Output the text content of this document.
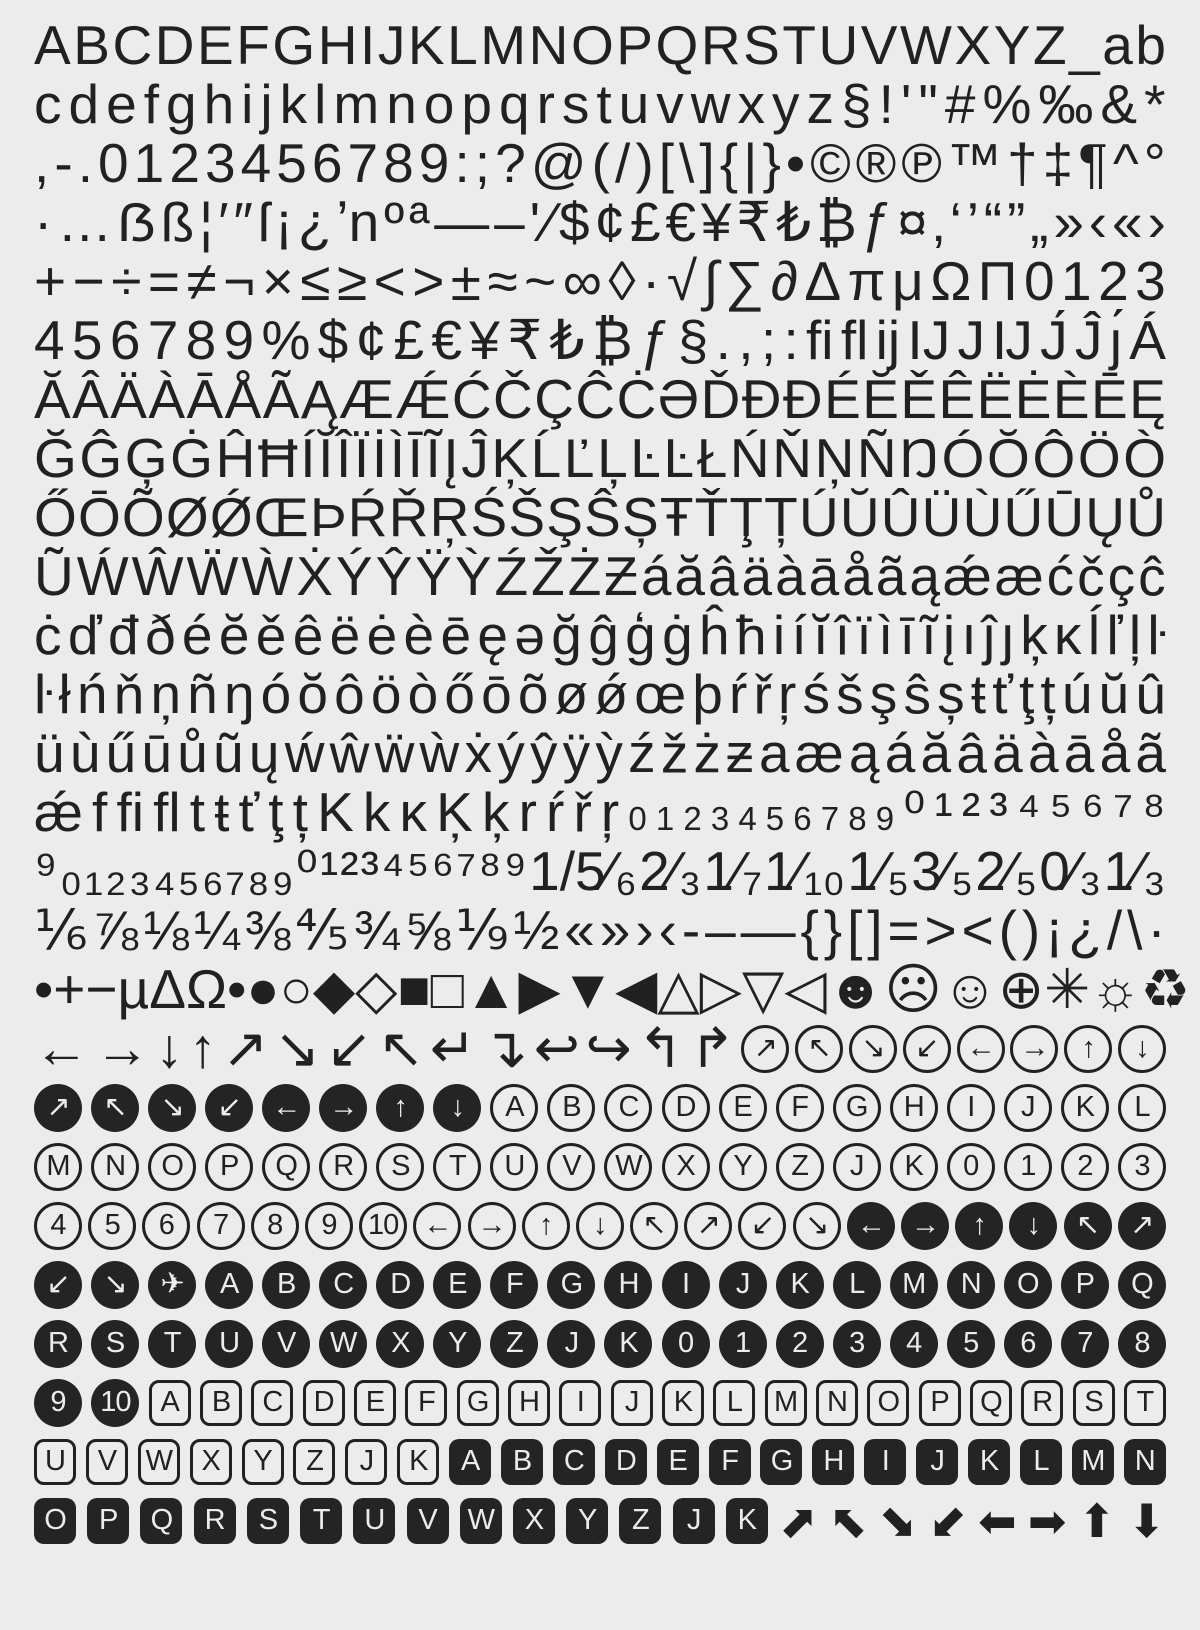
A B C D E F G H I J K L M N O P Q R S T U V W X Y Z _ a b
c d e f g h i j k l m n o p q r s t u v w x y z § ! ' " # % ‰ & *
, - . 0 1 2 3 4 5 6 7 8 9 : ; ? @ ( / ) [ \ ] { | } • © ® ℗ ™ † ‡ ¶ ^ °
· … ẞ ß ¦ ′ ″ ſ ¡ ¿ ʼn º ª — – ' ⁄ $ ¢ £ € ¥ ₹ ₺ ₿ ƒ ¤ ‚ ‘ ’ “ ” „ » ‹ « ›
+ − ÷ = ≠ ¬ × ≤ ≥ < > ± ≈ ~ ∞ ◊ · √ ∫ ∑ ∂ Δ π μ Ω Π 0 1 2 3
4 5 6 7 8 9 % $ ¢ £ € ¥ ₹ ₺ ₿ ƒ § . , ; : fi fl ij IJ J Ĳ J́ Ĵ ȷ́ Á
Ă Â Ä À Ā Å Ã Ą Æ Ǽ Ć Č Ç Ĉ Ċ Ə Ď Đ Ð É Ĕ Ě Ê Ë Ė È Ē Ę
Ğ Ĝ Ģ Ġ Ĥ Ħ Í Ĭ Î Ï İ Ì Ī Ĩ Į Ĵ Ķ Ĺ Ľ Ļ Ŀ Ŀ Ł Ń Ň Ņ Ñ Ŋ Ó Ŏ Ô Ö Ò
Ő Ō Õ Ø Ǿ Œ Þ Ŕ Ř Ŗ Ś Š Ş Ŝ Ș Ŧ Ť Ţ Ț Ú Ŭ Û Ü Ù Ű Ū Ų Ů
Ũ Ẃ Ŵ Ẅ Ẁ Ẋ Ý Ŷ Ÿ Ỳ Ź Ž Ż Ƶ á ă â ä à ā å ã ą ǽ æ ć č ç ĉ
ċ ď đ ð é ĕ ě ê ë ė è ē ę ə ğ ĝ ģ ġ ĥ ħ i í ĭ î ï ì ī ĩ į ı ĵ ȷ ķ ĸ ĺ ľ ļ ŀ
ŀ ł ń ň ņ ñ ŋ ó ŏ ô ö ò ő ō õ ø ǿ œ þ ŕ ř ŗ ś š ş ŝ ș ŧ ť ţ ț ú ŭ û
ü ù ű ū ů ũ ų ẃ ŵ ẅ ẁ ẋ ý ŷ ÿ ỳ ź ž ż ƶ a æ ą á ă â ä à ā å ã
ǽ f fi fl t ŧ ť ţ ț K k ĸ Ķ ķ r ŕ ř ŗ 0 1 2 3 4 5 6 7 8 9 ⁰ ¹ ² ³ ⁴ ⁵ ⁶ ⁷ ⁸
⁹ ₀ ₁ ₂ ₃ ₄ ₅ ₆ ₇ ₈ ₉ ⁰ ¹ ² ³ ⁴ ⁵ ⁶ ⁷ ⁸ ⁹ 1/5⁄₆ 2⁄₃ 1⁄₇ 1⁄₁₀ 1⁄₅ 3⁄₅ 2⁄₅ 0⁄₃ 1⁄₃
⅙ ⅞ ⅛ ¼ ⅜ ⅘ ¾ ⅝ ⅑ ½ « » › ‹ - – — { } [ ] = > < ( ) ¡ ¿ / \ ·
• + − µ Δ Ω • ● ○ ◆ ◇ ■ □ ▲ ▶ ▼ ◀ △ ▷ ▽ ◁ ☻ ☹ ☺ ⊕ ✳ ☼ ♻
← → ↓ ↑ ↗ ↘ ↙ ↖ ↵ ↴ ↩ ↪ ↰ ↱ ↗	↖	↘	↙ ← →	↑	↓
↗	↖	↘	↙	←	→	↑	↓	A	B	C	D	E	F	G	H	I	J	K	L
M	N	O	P	Q	R	S	T	U	V	W	X	Y	Z	J	K	0	1	2	3
4	5	6	7	8	9	10 ← →	↑	↓	↖	↗	↙	↘ ← →	↑	↓	↖	↗
↙	↘	✈	A	B	C	D	E	F	G	H	I	J	K	L	M	N	O	P	Q
R	S	T	U	V	W	X	Y	Z	J	K	0	1	2	3	4	5	6	7	8
9	10	A	B	C	D	E	F	G	H	I	J	K	L	M	N	O	P	Q	R	S	T
U	V	W	X	Y	Z	J	K	A	B	C	D	E	F	G	H	I	J	K	L	M	N
O	P	Q	R	S	T	U	V	W	X	Y	Z	J	K ⬈ ⬉ ⬊ ⬋ ⬅ ➡ ⬆ ⬇
